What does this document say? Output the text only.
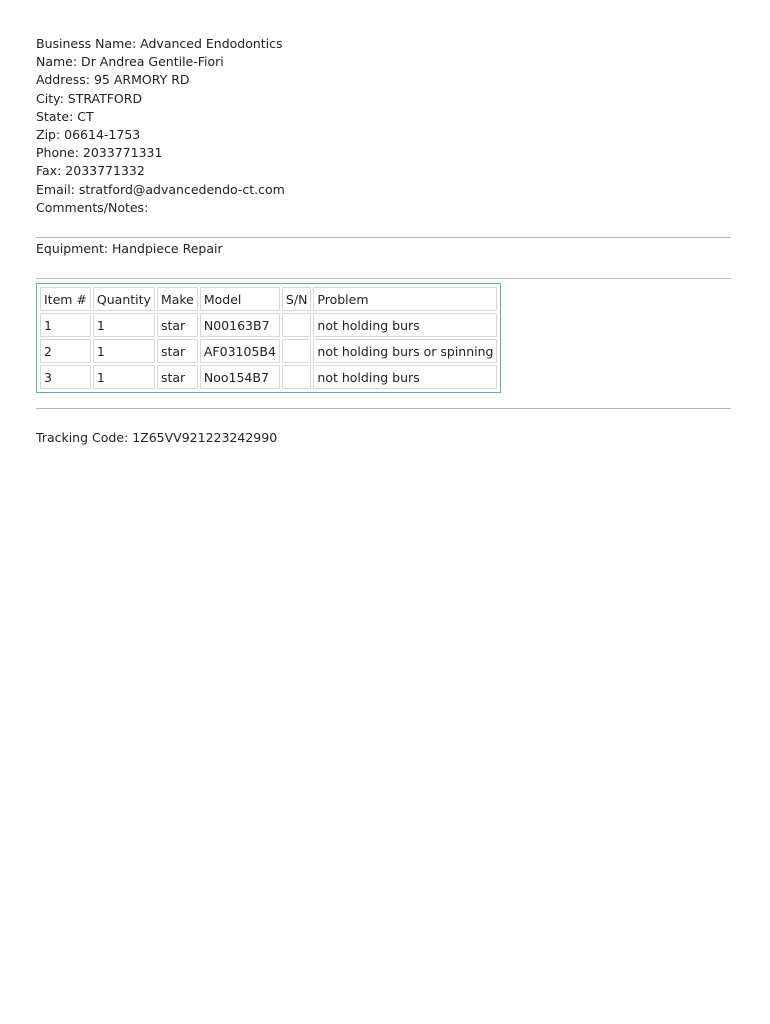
Business Name: Advanced Endodontics
Name: Dr Andrea Gentile-Fiori
Address: 95 ARMORY RD
City: STRATFORD
State: CT
Zip: 06614-1753
Phone: 2033771331
Fax: 2033771332
Email: stratford@advancedendo-ct.com
Comments/Notes:
Equipment: Handpiece Repair
Item #	Quantity	Make	Model	S/N	Problem
1	1	star	N00163B7		not holding burs
2	1	star	AF03105B4		not holding burs or spinning
3	1	star	Noo154B7		not holding burs
Tracking Code: 1Z65VV921223242990
